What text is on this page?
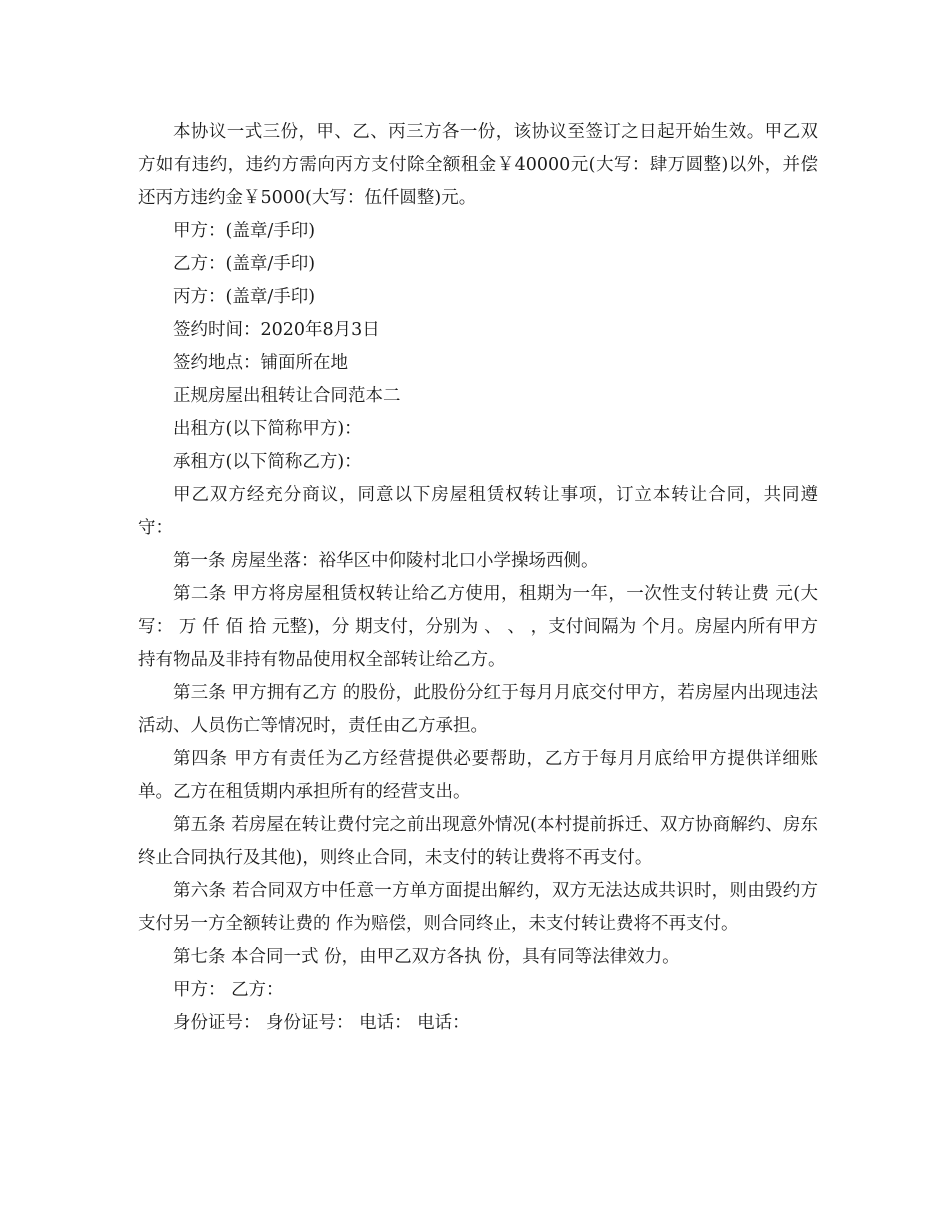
本协议一式三份，甲、乙、丙三方各一份，该协议至签订之日起开始生效。甲乙双方如有违约，违约方需向丙方支付除全额租金￥40000元(大写：肆万圆整)以外，并偿还丙方违约金￥5000(大写：伍仟圆整)元。

甲方：(盖章/手印)

乙方：(盖章/手印)

丙方：(盖章/手印)

签约时间：2020年8月3日

签约地点：铺面所在地

正规房屋出租转让合同范本二

出租方(以下简称甲方)：

承租方(以下简称乙方)：

甲乙双方经充分商议，同意以下房屋租赁权转让事项，订立本转让合同，共同遵守：

第一条 房屋坐落：裕华区中仰陵村北口小学操场西侧。

第二条 甲方将房屋租赁权转让给乙方使用，租期为一年，一次性支付转让费 元(大写： 万 仟 佰 拾 元整)，分 期支付，分别为 、 、 ，支付间隔为 个月。房屋内所有甲方持有物品及非持有物品使用权全部转让给乙方。

第三条 甲方拥有乙方 的股份，此股份分红于每月月底交付甲方，若房屋内出现违法活动、人员伤亡等情况时，责任由乙方承担。

第四条 甲方有责任为乙方经营提供必要帮助，乙方于每月月底给甲方提供详细账单。乙方在租赁期内承担所有的经营支出。

第五条 若房屋在转让费付完之前出现意外情况(本村提前拆迁、双方协商解约、房东终止合同执行及其他)，则终止合同，未支付的转让费将不再支付。

第六条 若合同双方中任意一方单方面提出解约，双方无法达成共识时，则由毁约方支付另一方全额转让费的 作为赔偿，则合同终止，未支付转让费将不再支付。

第七条 本合同一式 份，由甲乙双方各执 份，具有同等法律效力。

甲方： 乙方：

身份证号： 身份证号： 电话： 电话：
